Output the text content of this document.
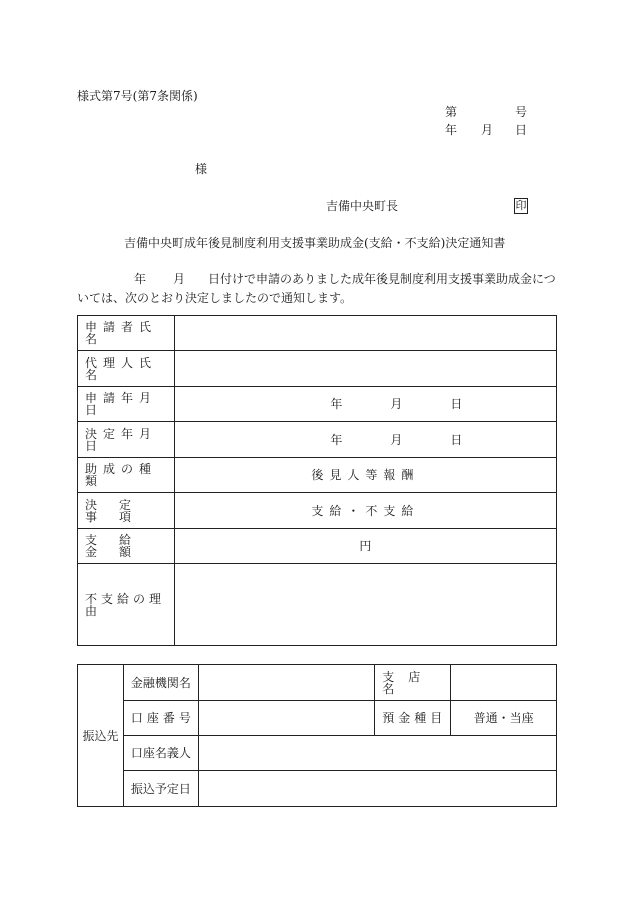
様式第7号(第7条関係)
第	号
年 月 日
様
吉備中央町長	印
吉備中央町成年後見制度利用支援事業助成金(支給・不支給)決定通知書
年 月 日付けで申請のありました成年後見制度利用支援事業助成金につ
いては、次のとおり決定しましたので通知します。
申請者氏名	
代理人氏名	
申請年月日	年　　　　月　　　　日
決定年月日	年　　　　月　　　　日
助成の種類	後見人等報酬
決定事項	支給・不支給
支給金額	円
不支給の理由	
振込先	金融機関名		支店名	
	口座番号		預金種目	普通・当座
	口座名義人			
	振込予定日			
